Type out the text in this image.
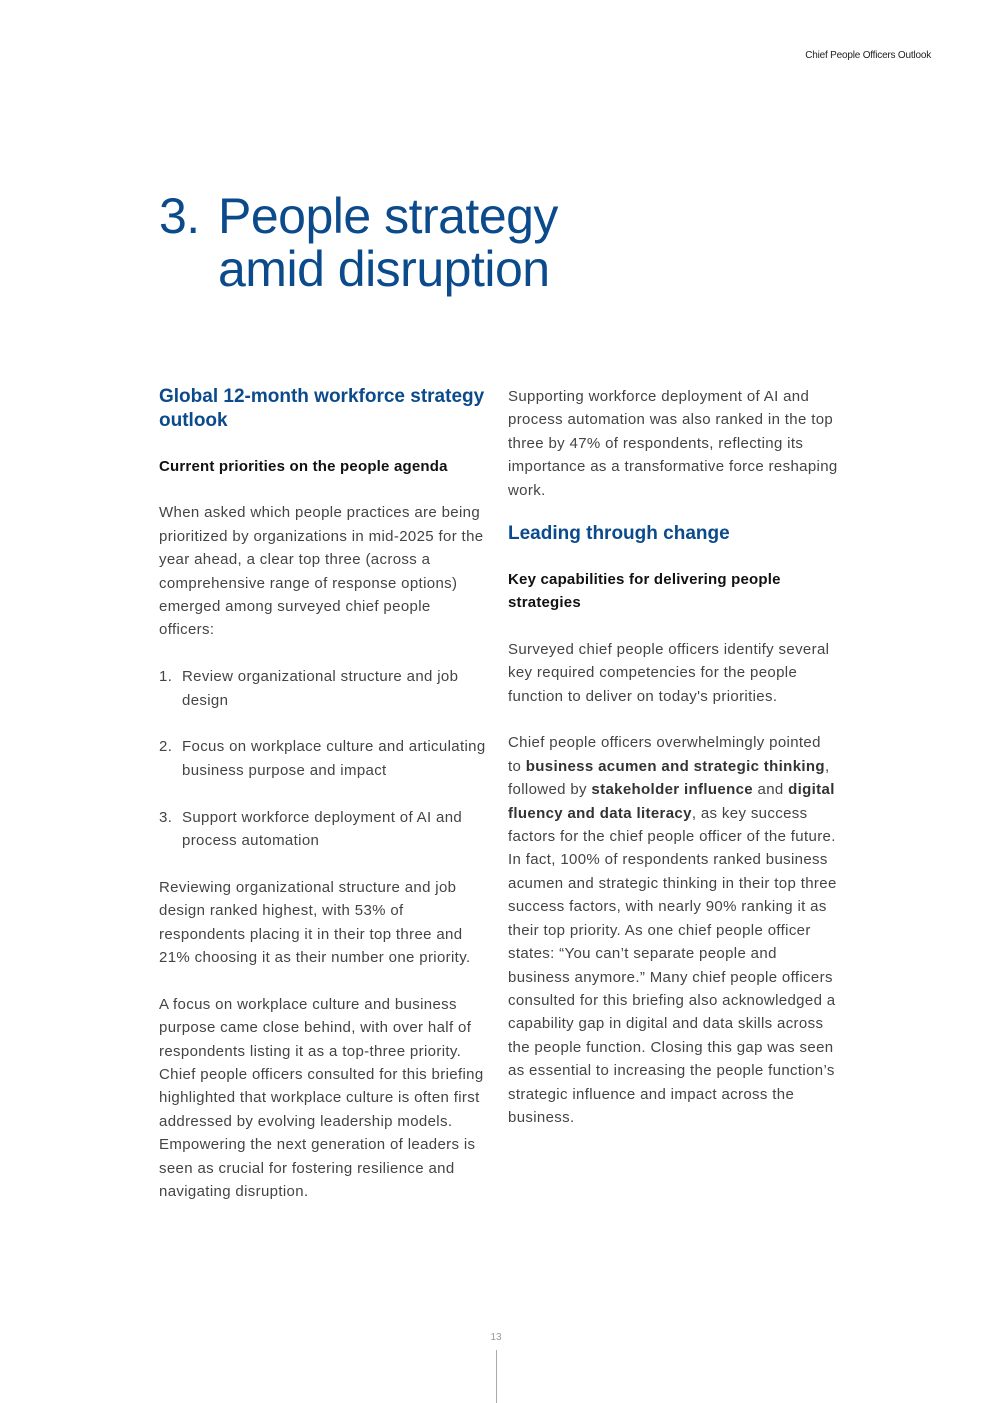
Chief People Officers Outlook
3. People strategy
amid disruption
Global 12-month workforce strategy outlook
Current priorities on the people agenda

When asked which people practices are being prioritized by organizations in mid-2025 for the year ahead, a clear top three (across a comprehensive range of response options) emerged among surveyed chief people officers:

1. Review organizational structure and job design
2. Focus on workplace culture and articulating business purpose and impact
3. Support workforce deployment of AI and process automation

Reviewing organizational structure and job design ranked highest, with 53% of respondents placing it in their top three and 21% choosing it as their number one priority.

A focus on workplace culture and business purpose came close behind, with over half of respondents listing it as a top-three priority. Chief people officers consulted for this briefing highlighted that workplace culture is often first addressed by evolving leadership models. Empowering the next generation of leaders is seen as crucial for fostering resilience and navigating disruption.

Supporting workforce deployment of AI and process automation was also ranked in the top three by 47% of respondents, reflecting its importance as a transformative force reshaping work.

Leading through change
Key capabilities for delivering people strategies

Surveyed chief people officers identify several key required competencies for the people function to deliver on today's priorities.

Chief people officers overwhelmingly pointed to business acumen and strategic thinking, followed by stakeholder influence and digital fluency and data literacy, as key success factors for the chief people officer of the future. In fact, 100% of respondents ranked business acumen and strategic thinking in their top three success factors, with nearly 90% ranking it as their top priority. As one chief people officer states: “You can’t separate people and business anymore.” Many chief people officers consulted for this briefing also acknowledged a capability gap in digital and data skills across the people function. Closing this gap was seen as essential to increasing the people function’s strategic influence and impact across the business.

13
